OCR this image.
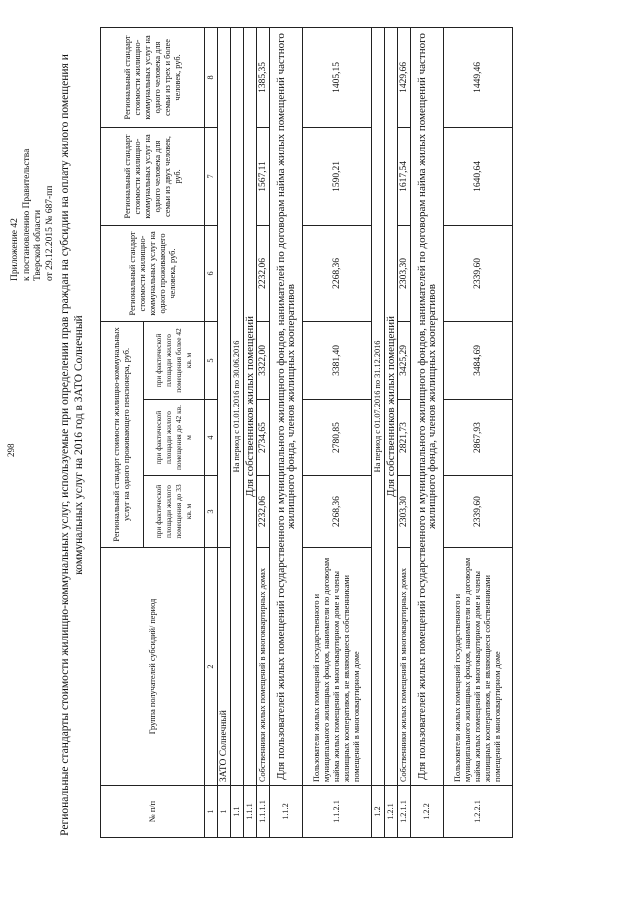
298
Приложение 42 к постановлению Правительства Тверской области от 29.12.2015 № 687-пп Региональные стандарты стоимости жилищно-коммунальных услуг, используемые при определении прав граждан на субсидии на оплату жилого помещения и коммунальных услуг на 2016 год в ЗАТО Солнечный
№ п/п	Группа получателей субсидий/ период	Региональный стандарт стоимости жилищно-коммунальных услуг на одного проживающего пенсионера, руб.			Региональный стандарт стоимости жилищно-коммунальных услуг на одного проживающего человека, руб.	Региональный стандарт стоимости жилищно-коммунальных услуг на одного человека для семьи из двух человек, руб.	Региональный стандарт стоимости жилищно-коммунальных услуг на одного человека для семьи из трех и более человек, руб.
		при фактической площади жилого помещения до 33 кв. м	при фактической площади жилого помещения до 42 кв. м	при фактической площади жилого помещения более 42 кв. м			
1	2	3	4	5	6	7	8
1	ЗАТО Солнечный						
1.1	На период с 01.01.2016 по 30.06.2016						
1.1.1	Для собственников жилых помещений						
1.1.1.1	Собственники жилых помещений в многоквартирных домах	2232,06	2734,65	3322,00	2232,06	1567,11	1385,35
1.1.2	Для пользователей жилых помещений государственного и муниципального жилищного фондов, нанимателей по договорам найма жилых помещений частного жилищного фонда, членов жилищных кооперативов						
1.1.2.1	Пользователи жилых помещений государственного и муниципального жилищных фондов, наниматели по договорам найма жилых помещений в многоквартирном доме и члены жилищных кооперативов, не являющиеся собственниками помещений в многоквартирном доме	2268,36	2780,85	3381,40	2268,36	1590,21	1405,15
1.2	На период с 01.07.2016 по 31.12.2016						
1.2.1	Для собственников жилых помещений						
1.2.1.1	Собственники жилых помещений в многоквартирных домах	2303,30	2821,73	3425,29	2303,30	1617,54	1429,66
1.2.2	Для пользователей жилых помещений государственного и муниципального жилищного фондов, нанимателей по договорам найма жилых помещений частного жилищного фонда, членов жилищных кооперативов						
1.2.2.1	Пользователи жилых помещений государственного и муниципального жилищных фондов, наниматели по договорам найма жилых помещений в многоквартирном доме и члены жилищных кооперативов, не являющиеся собственниками помещений в многоквартирном доме	2339,60	2867,93	3484,69	2339,60	1640,64	1449,46
